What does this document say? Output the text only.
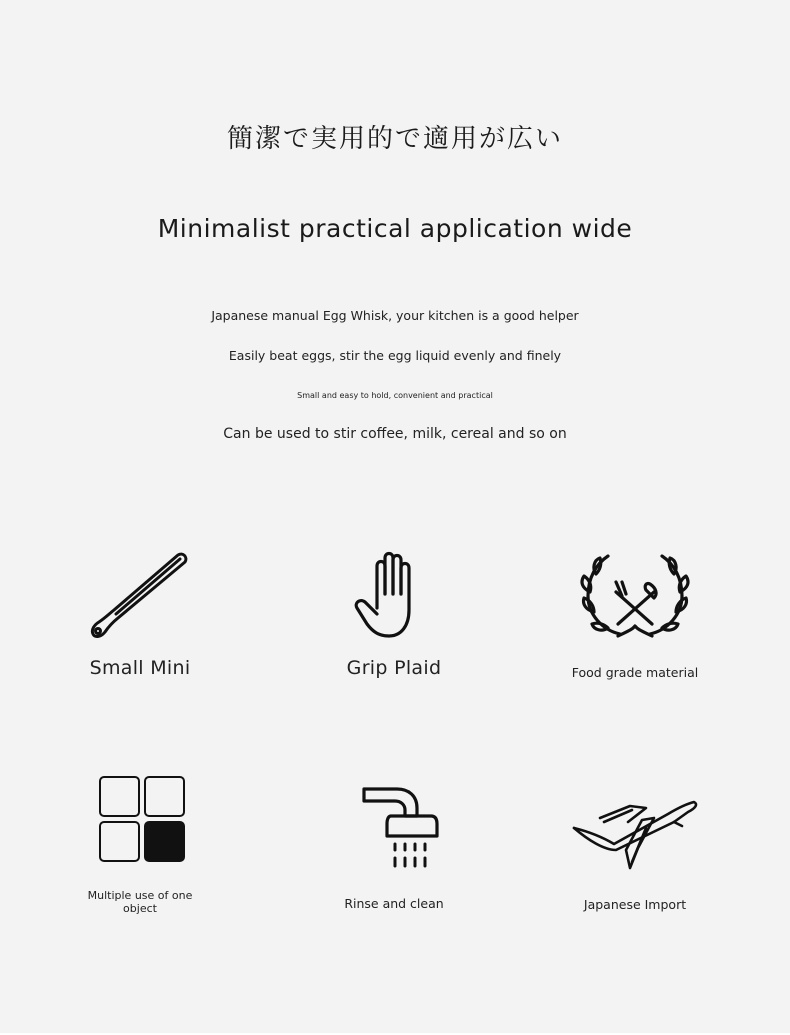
簡潔で実用的で適用が広い
Minimalist practical application wide
Japanese manual Egg Whisk, your kitchen is a good helper
Easily beat eggs, stir the egg liquid evenly and finely
Small and easy to hold, convenient and practical
Can be used to stir coffee, milk, cereal and so on
Small Mini	Grip Plaid	Food grade material
Multiple use of one object	Rinse and clean	Japanese Import
